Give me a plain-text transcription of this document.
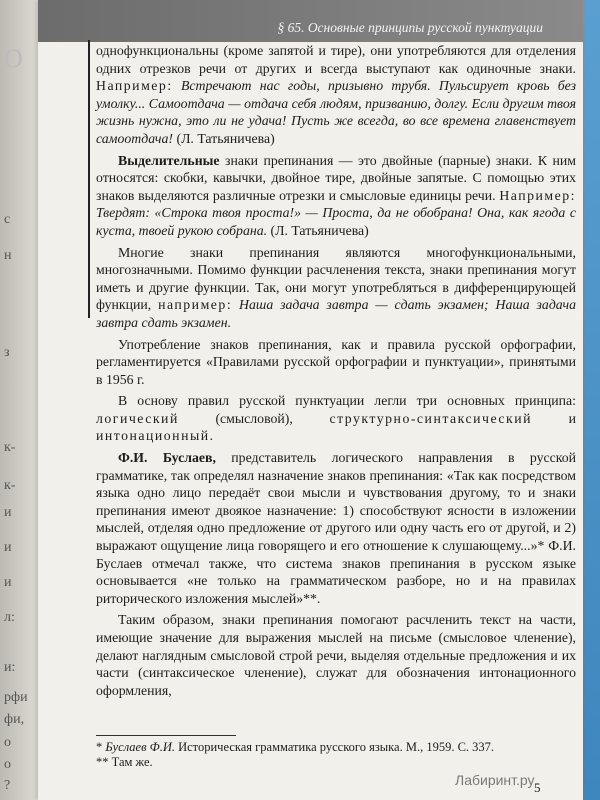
O
с
н
з
к-
к-
и
и
и
л:
и:
рфи
фи,
о
о
?
§ 65. Основные принципы русской пунктуации

однофункциональны (кроме запятой и тире), они употребляются для отделения одних отрезков речи от других и всегда выступают как одиночные знаки. Например: Встречают нас годы, призывно трубя. Пульсирует кровь без умолку... Самоотдача — отдача себя людям, призванию, долгу. Если другим твоя жизнь нужна, это ли не удача! Пусть же всегда, во все времена главенствует самоотдача! (Л. Татьяничева)

Выделительные знаки препинания — это двойные (парные) знаки. К ним относятся: скобки, кавычки, двойное тире, двойные запятые. С помощью этих знаков выделяются различные отрезки и смысловые единицы речи. Например: Твердят: «Строка твоя проста!» — Проста, да не обобрана! Она, как ягода с куста, твоей рукою собрана. (Л. Татьяничева)

Многие знаки препинания являются многофункциональными, многозначными. Помимо функции расчленения текста, знаки препинания могут иметь и другие функции. Так, они могут употребляться в дифференцирующей функции, например: Наша задача завтра — сдать экзамен; Наша задача завтра сдать экзамен.

Употребление знаков препинания, как и правила русской орфографии, регламентируется «Правилами русской орфографии и пунктуации», принятыми в 1956 г.

В основу правил русской пунктуации легли три основных принципа: логический	(смысловой),	структурно-синтаксический	и интонационный.

Ф.И. Буслаев, представитель логического направления в русской грамматике, так определял назначение знаков препинания: «Так как посредством языка одно лицо передаёт свои мысли и чувствования другому, то и знаки препинания имеют двоякое назначение: 1) способствуют ясности в изложении мыслей, отделяя одно предложение от другого или одну часть его от другой, и 2) выражают ощущение лица говорящего и его отношение к слушающему...»* Ф.И. Буслаев отмечал также, что система знаков препинания в русском языке основывается «не только на грамматическом разборе, но и на правилах риторического изложения мыслей»**.

Таким образом, знаки препинания помогают расчленить текст на части, имеющие значение для выражения мыслей на письме (смысловое членение), делают наглядным смысловой строй речи, выделяя отдельные предложения и их части (синтаксическое членение), служат для обозначения интонационного оформления,

* Буслаев Ф.И. Историческая грамматика русского языка. М., 1959. С. 337.
** Там же.
Лабиринт.ру 5
